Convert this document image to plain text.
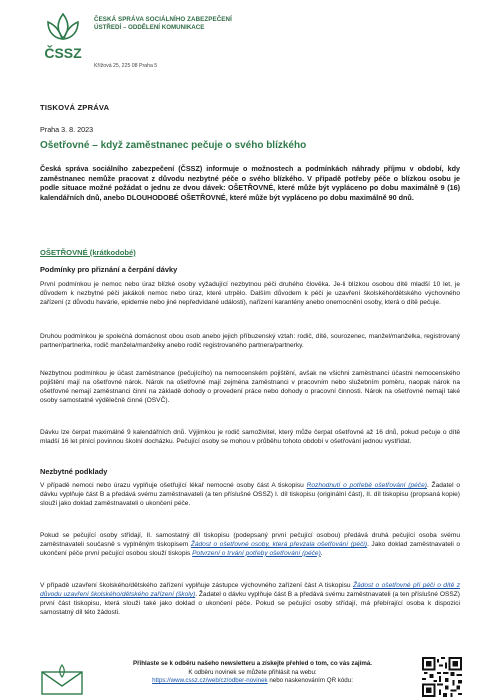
ČSSZ
ČESKÁ SPRÁVA SOCIÁLNÍHO ZABEZPEČENÍ
ÚSTŘEDÍ – ODDĚLENÍ KOMUNIKACE
Křížová 25, 225 08 Praha 5
TISKOVÁ ZPRÁVA
Praha 3. 8. 2023
Ošetřovné – když zaměstnanec pečuje o svého blízkého
Česká správa sociálního zabezpečení (ČSSZ) informuje o možnostech a podmínkách náhrady příjmu v období, kdy zaměstnanec nemůže pracovat z důvodu nezbytné péče o svého blízkého. V případě potřeby péče o blízkou osobu je podle situace možné požádat o jednu ze dvou dávek: OŠETŘOVNÉ, které může být vypláceno po dobu maximálně 9 (16) kalendářních dnů, anebo DLOUHODOBÉ OŠETŘOVNÉ, které může být vypláceno po dobu maximálně 90 dnů.
OŠETŘOVNÉ (krátkodobé)
Podmínky pro přiznání a čerpání dávky
První podmínkou je nemoc nebo úraz blízké osoby vyžadující nezbytnou péči druhého člověka. Je-li blízkou osobou dítě mladší 10 let, je důvodem k nezbytné péči jakákoli nemoc nebo úraz, které utrpělo. Dalším důvodem k péči je uzavření školského/dětského výchovného zařízení (z důvodu havárie, epidemie nebo jiné nepředvídané události), nařízení karantény anebo onemocnění osoby, která o dítě pečuje.
Druhou podmínkou je společná domácnost obou osob anebo jejich příbuzenský vztah: rodič, dítě, sourozenec, manžel/manželka, registrovaný partner/partnerka, rodič manžela/manželky anebo rodič registrovaného partnera/partnerky.
Nezbytnou podmínkou je účast zaměstnance (pečujícího) na nemocenském pojištění, avšak ne všichni zaměstnanci účastni nemocenského pojištění mají na ošetřovné nárok. Nárok na ošetřovné mají zejména zaměstnanci v pracovním nebo služebním poměru, naopak nárok na ošetřovné nemají zaměstnanci činní na základě dohody o provedení práce nebo dohody o pracovní činnosti. Nárok na ošetřovné nemají také osoby samostatně výdělečně činné (OSVČ).
Dávku lze čerpat maximálně 9 kalendářních dnů. Výjimkou je rodič samoživitel, který může čerpat ošetřovné až 16 dnů, pokud pečuje o dítě mladší 16 let plnící povinnou školní docházku. Pečující osoby se mohou v průběhu tohoto období v ošetřování jednou vystřídat.
Nezbytné podklady
V případě nemoci nebo úrazu vyplňuje ošetřující lékař nemocné osoby část A tiskopisu Rozhodnutí o potřebě ošetřování (péče). Žadatel o dávku vyplňuje část B a předává svému zaměstnavateli (a ten příslušné OSSZ) I. díl tiskopisu (originální část), II. díl tiskopisu (propsaná kopie) slouží jako doklad zaměstnavateli o ukončení péče.
Pokud se pečující osoby střídají, II. samostatný díl tiskopisu (podepsaný první pečující osobou) předává druhá pečující osoba svému zaměstnavateli současně s vyplněným tiskopisem Žádost o ošetřovné osoby, která převzala ošetřování (péči). Jako doklad zaměstnavateli o ukončení péče první pečující osobou slouží tiskopis Potvrzení o trvání potřeby ošetřování (péče).
V případě uzavření školského/dětského zařízení vyplňuje zástupce výchovného zařízení část A tiskopisu Žádost o ošetřovné při péči o dítě z důvodu uzavření školského/dětského zařízení (školy). Žadatel o dávku vyplňuje část B a předává svému zaměstnavateli (a ten příslušné OSSZ) první část tiskopisu, která slouží také jako doklad o ukončení péče. Pokud se pečující osoby střídají, má přebírající osoba k dispozici samostatný díl této žádosti.
Přihlaste se k odběru našeho newsletteru a získejte přehled o tom, co vás zajímá.
K odběru novinek se můžete přihlásit na webu:
https://www.cssz.cz/web/cz/odber-novinek nebo naskenováním QR kódu:
